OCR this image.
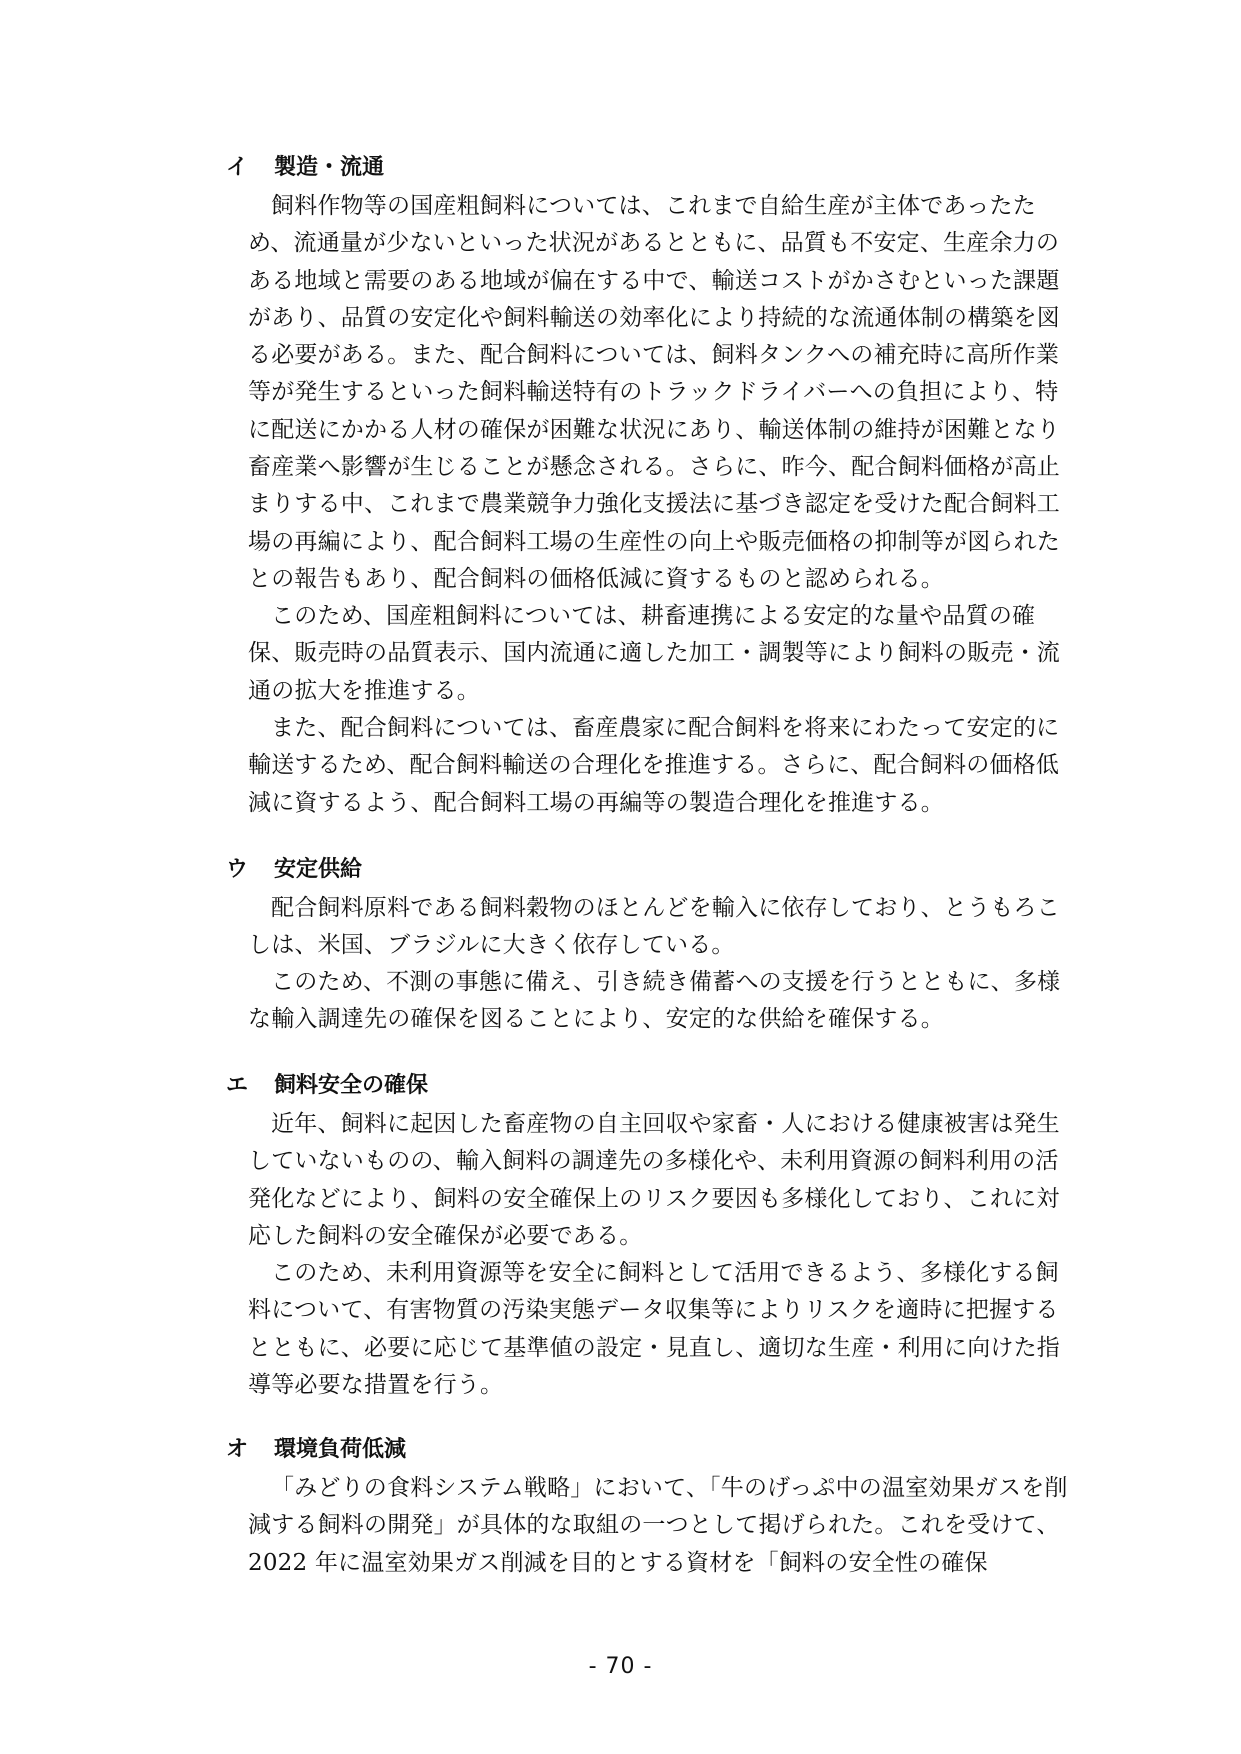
イ 製造・流通

飼料作物等の国産粗飼料については、これまで自給生産が主体であったため、流通量が少ないといった状況があるとともに、品質も不安定、生産余力のある地域と需要のある地域が偏在する中で、輸送コストがかさむといった課題があり、品質の安定化や飼料輸送の効率化により持続的な流通体制の構築を図る必要がある。また、配合飼料については、飼料タンクへの補充時に高所作業等が発生するといった飼料輸送特有のトラックドライバーへの負担により、特に配送にかかる人材の確保が困難な状況にあり、輸送体制の維持が困難となり畜産業へ影響が生じることが懸念される。さらに、昨今、配合飼料価格が高止まりする中、これまで農業競争力強化支援法に基づき認定を受けた配合飼料工場の再編により、配合飼料工場の生産性の向上や販売価格の抑制等が図られたとの報告もあり、配合飼料の価格低減に資するものと認められる。

このため、国産粗飼料については、耕畜連携による安定的な量や品質の確保、販売時の品質表示、国内流通に適した加工・調製等により飼料の販売・流通の拡大を推進する。

また、配合飼料については、畜産農家に配合飼料を将来にわたって安定的に輸送するため、配合飼料輸送の合理化を推進する。さらに、配合飼料の価格低減に資するよう、配合飼料工場の再編等の製造合理化を推進する。

ウ 安定供給

配合飼料原料である飼料穀物のほとんどを輸入に依存しており、とうもろこしは、米国、ブラジルに大きく依存している。

このため、不測の事態に備え、引き続き備蓄への支援を行うとともに、多様な輸入調達先の確保を図ることにより、安定的な供給を確保する。

エ 飼料安全の確保

近年、飼料に起因した畜産物の自主回収や家畜・人における健康被害は発生していないものの、輸入飼料の調達先の多様化や、未利用資源の飼料利用の活発化などにより、飼料の安全確保上のリスク要因も多様化しており、これに対応した飼料の安全確保が必要である。

このため、未利用資源等を安全に飼料として活用できるよう、多様化する飼料について、有害物質の汚染実態データ収集等によりリスクを適時に把握するとともに、必要に応じて基準値の設定・見直し、適切な生産・利用に向けた指導等必要な措置を行う。

オ 環境負荷低減

「みどりの食料システム戦略」において、「牛のげっぷ中の温室効果ガスを削減する飼料の開発」が具体的な取組の一つとして掲げられた。これを受けて、2022 年に温室効果ガス削減を目的とする資材を「飼料の安全性の確保

- 70 -
